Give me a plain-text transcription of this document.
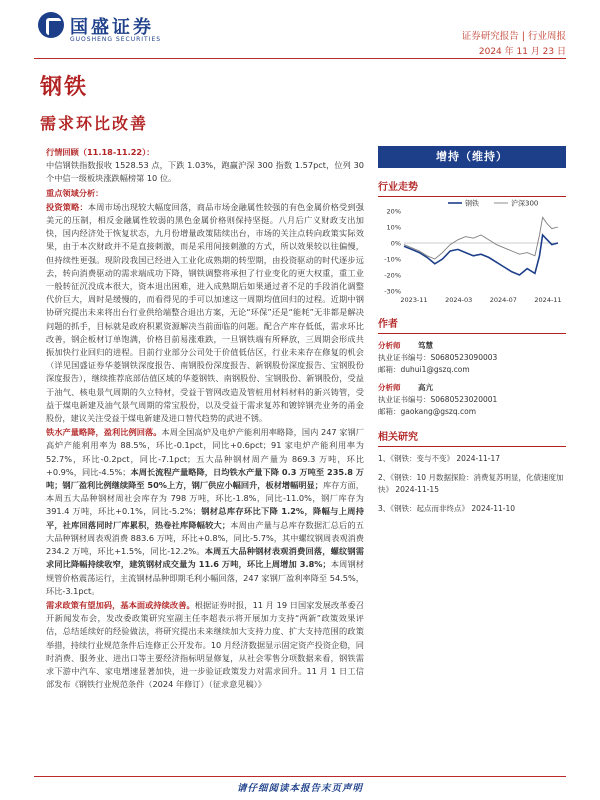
国盛证券
GUOSHENG SECURITIES	证券研究报告 | 行业周报
2024 年 11 月 23 日
钢铁
需求环比改善

行情回顾（11.18-11.22）：
中信钢铁指数报收 1528.53 点，下跌 1.03%，跑赢沪深 300 指数 1.57pct，位列 30 个中信一级板块涨跌幅榜第 10 位。

重点领域分析：

投资策略：本周市场出现较大幅度回落，商品市场金融属性较强的有色金属价格受到强美元的压制，相反金融属性较弱的黑色金属价格则保持坚挺。八月后广义财政支出加快，国内经济处于恢复状态，九月份增量政策陆续出台，市场的关注点转向政策实际效果，由于本次财政并不是直接刺激，而是采用间接刺激的方式，所以效果较以往偏慢，但持续性更强。现阶段我国已经进入工业化成熟期的转型期，由投资驱动的时代逐步远去，转向消费驱动的需求端成功下降，钢铁调整将承担了行业变化的更大权重，重工业一般转征沉没成本很大，资本退出困难，进入成熟期后如果通过者不足的手段消化调整代价巨大，周时是缓慢的，而看得见的手可以加速这一周期均值回归的过程。近期中钢协研究提出未来将出台行业供给端整合退出方案，无论“环保”还是“能耗”无非都是解决问题的抓手，目标就是政府积累资源解决当前面临的问题。配合产库存低低，需求环比改善，钢企板材订单饱满，价格目前易涨难跌，一旦钢铁端有所释放，三周期会形成共振加快行业回归的进程。目前行业部分公司处于价值低估区，行业未来存在修复的机会（详见国盛证券华菱钢铁深度报告、南钢股份深度报告、新钢股份深度报告、宝钢股份深度报告），继续推荐底部估值区域的华菱钢铁、南钢股份、宝钢股份、新钢股份，受益于油气、核电景气周期的久立特材，受益于管网改造及管桩用材料材料的新兴铸管，受益于煤电新建及油气景气周期的常宝股份，以及受益于需求复苏和镀锌钢壳业务的甬金股份，建议关注受益于煤电新建及进口替代趋势的武进不锈。

铁水产量略降，盈利比例回落。本周全国高炉及电炉产能利用率略降，国内 247 家钢厂高炉产能利用率为 88.5%，环比-0.1pct，同比+0.6pct；91 家电炉产能利用率为 52.7%，环比-0.2pct，同比-7.1pct；五大品种钢材周产量为 869.3 万吨，环比+0.9%，同比-4.5%；本周长流程产量略降，日均铁水产量下降 0.3 万吨至 235.8 万吨；钢厂盈利比例继续降至 50%上方，钢厂供应小幅回升，板材增幅明显；库存方面，本周五大品种钢材周社会库存为 798 万吨，环比-1.8%，同比-11.0%，钢厂库存为 391.4 万吨，环比+0.1%，同比-5.2%；钢材总库存环比下降 1.2%，降幅与上周持平，社库回落同时厂库累积，热卷社库降幅较大；本周由产量与总库存数据汇总后的五大品种钢材周表观消费 883.6 万吨，环比+0.8%，同比-5.7%，其中螺纹钢周表观消费 234.2 万吨，环比+1.5%，同比-12.2%。本周五大品种钢材表观消费回落，螺纹钢需求同比降幅持续收窄，建筑钢材成交量为 11.6 万吨，环比上周增加 3.8%；本周钢材规管价格震荡运行，主流钢材品种即期毛利小幅回落，247 家钢厂盈利率降至 54.5%，环比-3.1pct。

需求政策有望加码，基本面或持续改善。根据证券时报，11 月 19 日国家发展改革委召开新闻发布会，发改委政策研究室副主任李超表示将开展加力支持“两新”政策效果评估，总结延续好的经验做法，将研究提出未来继续加大支持力度、扩大支持范围的政策举措，持续行业规范条件后连修正公开发布。10 月经济数据显示固定资产投资企稳，同时消费、服务业、进出口等主要经济指标明显修复，从社会零售分项数据来看，钢铁需求下游中汽车、家电增速显著加快，进一步验证政策发力对需求回升。11 月 1 日工信部发布《钢铁行业规范条件（2024 年修订）（征求意见稿）》

增持（维持）
行业走势
20%
10%
0%
-10%
-20%
-30%
2023-11	2024-03	2024-07	2024-11
钢铁	沪深300
作者
分析师	笃慧
执业证书编号：S0680523090003
邮箱：duhui1@gszq.com
分析师	高亢
执业证书编号：S0680523020001
邮箱：gaokang@gszq.com
相关研究
1、《钢铁：变与不变》 2024-11-17
2、《钢铁：10 月数据探险：消费复苏明显，化债速度加快》 2024-11-15
3、《钢铁：起点而非终点》 2024-11-10
请仔细阅读本报告末页声明
